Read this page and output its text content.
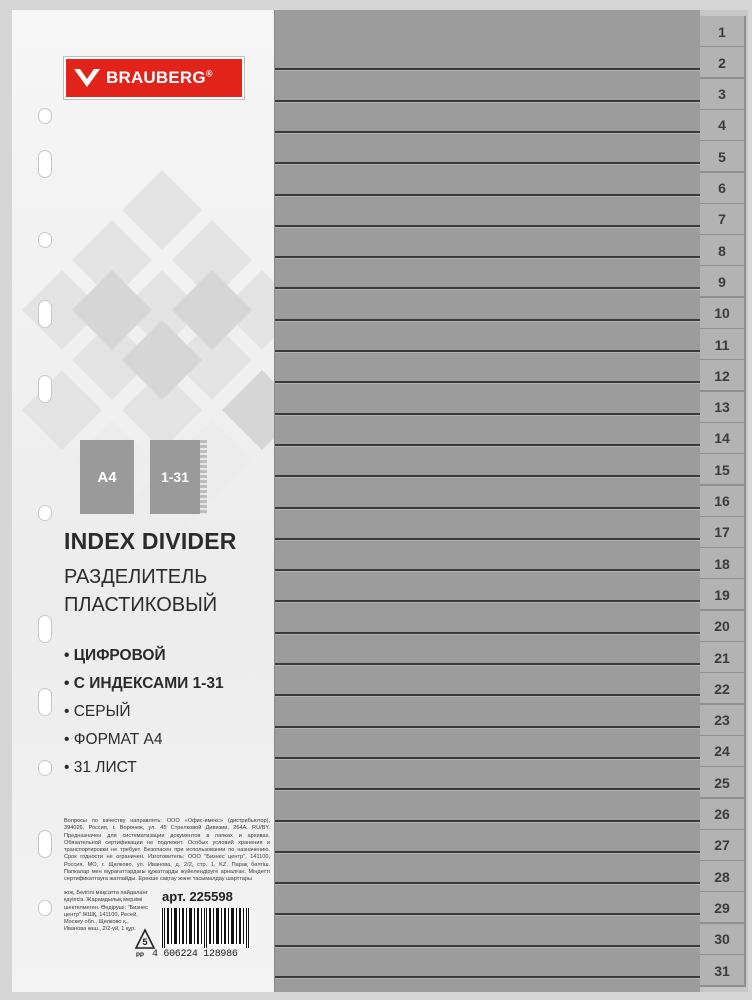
BRAUBERG®
A4	1-31
INDEX DIVIDER
РАЗДЕЛИТЕЛЬ
ПЛАСТИКОВЫЙ
• ЦИФРОВОЙ
• С ИНДЕКСАМИ 1-31
• СЕРЫЙ
• ФОРМАТ А4
• 31 ЛИСТ
Вопросы по качеству направлять: ООО «Офис-имекс» (дистрибьютор), 394026, Россия, г. Воронеж, ул. 45 Стрелковой Дивизии, 264А. RU/BY. Предназначен для систематизации документов в папках и архивах. Обязательной сертификации не подлежит. Особых условий хранения и транспортировки не требует. Безопасен при использовании по назначению. Срок годности не ограничен. Изготовитель: ООО "Бизнес центр", 141100, Россия, МО, г. Щелково, ул. Иванова, д. 2/2, стр. 1. KZ. Парақ бөлгіш. Папкалар мен мұрағаттардағы құжаттарды жүйелендіруге арналған. Міндетті сертификаттауға жатпайды. Ерекше сақтау және тасымалдау шарттары
жоқ. Белгілі мақсатта пайдаланғ қауіпсіз. Жарамдылық мерзімі шектелмеген. Өндіруші: "Бизнес центр" ЖШҚ, 141100, Ресей, Мәскеу обл., Щелково қ., Иванова көш., 2/2-үй, 1 құр.
арт. 225598
5
PP 4 606224 128986
1
2
3
4
5
6
7
8
9
10
11
12
13
14
15
16
17
18
19
20
21
22
23
24
25
26
27
28
29
30
31
